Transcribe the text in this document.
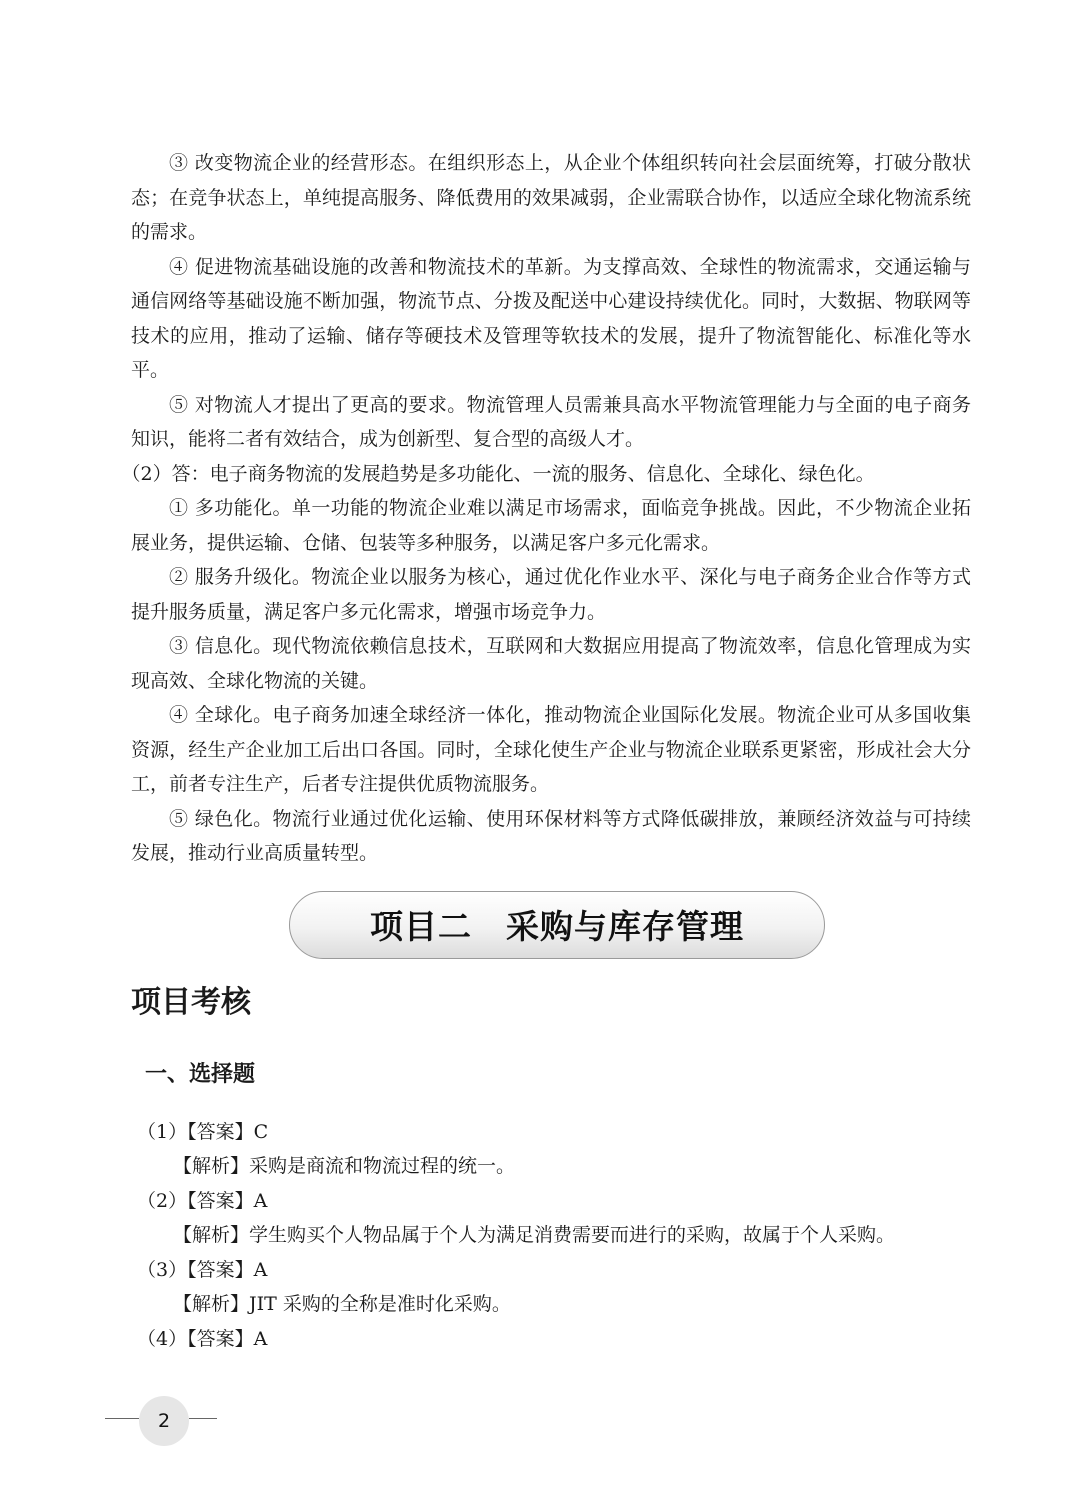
③ 改变物流企业的经营形态。在组织形态上，从企业个体组织转向社会层面统筹，打破分散状态；在竞争状态上，单纯提高服务、降低费用的效果减弱，企业需联合协作，以适应全球化物流系统的需求。

④ 促进物流基础设施的改善和物流技术的革新。为支撑高效、全球性的物流需求，交通运输与通信网络等基础设施不断加强，物流节点、分拨及配送中心建设持续优化。同时，大数据、物联网等技术的应用，推动了运输、储存等硬技术及管理等软技术的发展，提升了物流智能化、标准化等水平。

⑤ 对物流人才提出了更高的要求。物流管理人员需兼具高水平物流管理能力与全面的电子商务知识，能将二者有效结合，成为创新型、复合型的高级人才。

（2）答：电子商务物流的发展趋势是多功能化、一流的服务、信息化、全球化、绿色化。

① 多功能化。单一功能的物流企业难以满足市场需求，面临竞争挑战。因此，不少物流企业拓展业务，提供运输、仓储、包装等多种服务，以满足客户多元化需求。

② 服务升级化。物流企业以服务为核心，通过优化作业水平、深化与电子商务企业合作等方式提升服务质量，满足客户多元化需求，增强市场竞争力。

③ 信息化。现代物流依赖信息技术，互联网和大数据应用提高了物流效率，信息化管理成为实现高效、全球化物流的关键。

④ 全球化。电子商务加速全球经济一体化，推动物流企业国际化发展。物流企业可从多国收集资源，经生产企业加工后出口各国。同时，全球化使生产企业与物流企业联系更紧密，形成社会大分工，前者专注生产，后者专注提供优质物流服务。

⑤ 绿色化。物流行业通过优化运输、使用环保材料等方式降低碳排放，兼顾经济效益与可持续发展，推动行业高质量转型。

项目二　采购与库存管理
项目考核
一、选择题

（1）【答案】C

【解析】采购是商流和物流过程的统一。

（2）【答案】A

【解析】学生购买个人物品属于个人为满足消费需要而进行的采购，故属于个人采购。

（3）【答案】A

【解析】JIT 采购的全称是准时化采购。

（4）【答案】A

2
